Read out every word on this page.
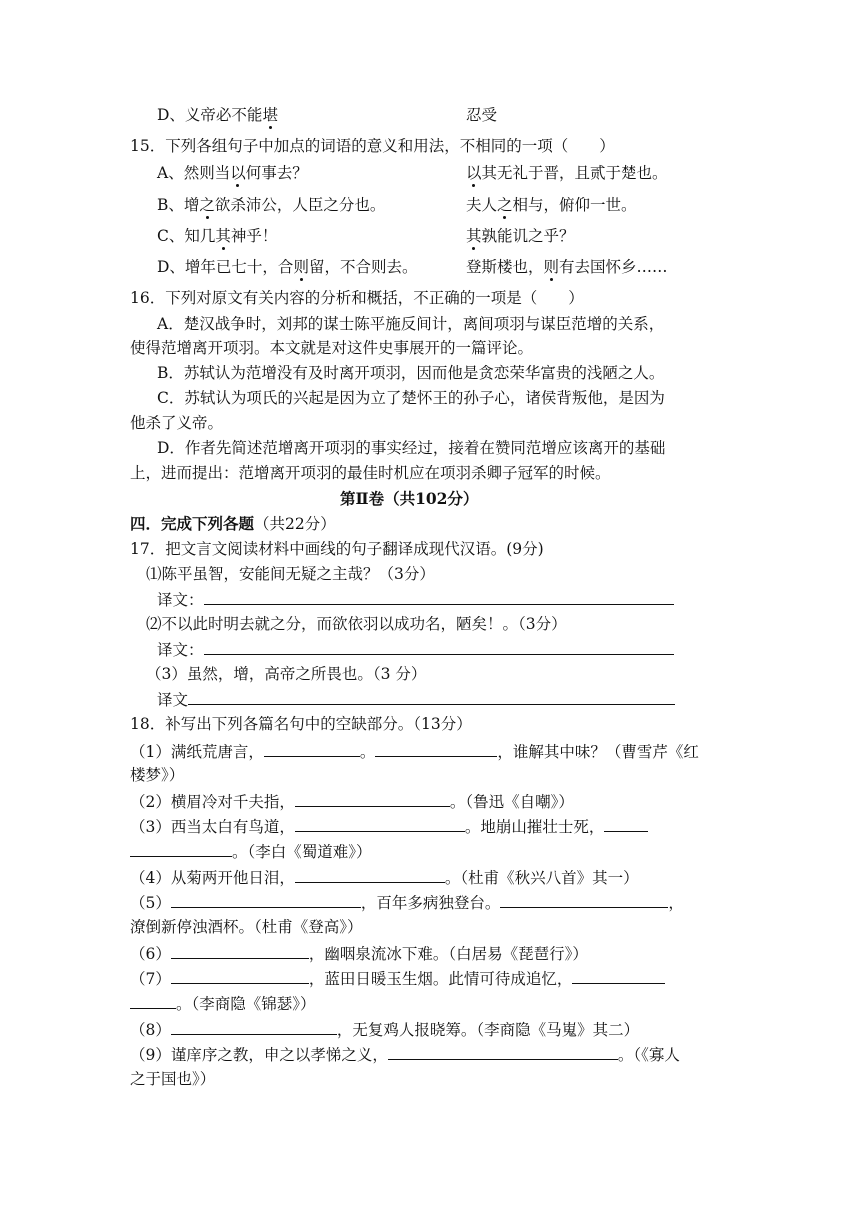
D、义帝必不能堪	忍受
15．下列各组句子中加点的词语的意义和用法，不相同的一项（　　）
A、然则当以何事去？	以其无礼于晋，且贰于楚也。
B、增之欲杀沛公，人臣之分也。	夫人之相与，俯仰一世。
C、知几其神乎！	其孰能讥之乎？
D、增年已七十，合则留，不合则去。	登斯楼也，则有去国怀乡……
16．下列对原文有关内容的分析和概括，不正确的一项是（　　）
A．楚汉战争时，刘邦的谋士陈平施反间计，离间项羽与谋臣范增的关系，
使得范增离开项羽。本文就是对这件史事展开的一篇评论。
B．苏轼认为范增没有及时离开项羽，因而他是贪恋荣华富贵的浅陋之人。
C．苏轼认为项氏的兴起是因为立了楚怀王的孙子心，诸侯背叛他，是因为
他杀了义帝。
D．作者先简述范增离开项羽的事实经过，接着在赞同范增应该离开的基础
上，进而提出：范增离开项羽的最佳时机应在项羽杀卿子冠军的时候。
第Ⅱ卷（共102分）
四．完成下列各题（共22分）
17．把文言文阅读材料中画线的句子翻译成现代汉语。(9分)
⑴陈平虽智，安能间无疑之主哉？（3分）
译文：
⑵不以此时明去就之分，而欲依羽以成功名，陋矣！。（3分）
译文：
（3）虽然，增，高帝之所畏也。（3 分）
译文
18．补写出下列各篇名句中的空缺部分。（13分）
（1）满纸荒唐言，	。	，谁解其中味？（曹雪芹《红
楼梦》）
（2）横眉冷对千夫指，	。（鲁迅《自嘲》）
（3）西当太白有鸟道，	。地崩山摧壮士死，
。（李白《蜀道难》）
（4）从菊两开他日泪，	。（杜甫《秋兴八首》其一）
（5）	，百年多病独登台。	，
潦倒新停浊酒杯。（杜甫《登高》）
（6）	，幽咽泉流冰下难。（白居易《琵琶行》）
（7）	，蓝田日暖玉生烟。此情可待成追忆，
。（李商隐《锦瑟》）
（8）	，无复鸡人报晓筹。（李商隐《马嵬》其二）
（9）谨庠序之教，申之以孝悌之义，	。（《寡人
之于国也》）
